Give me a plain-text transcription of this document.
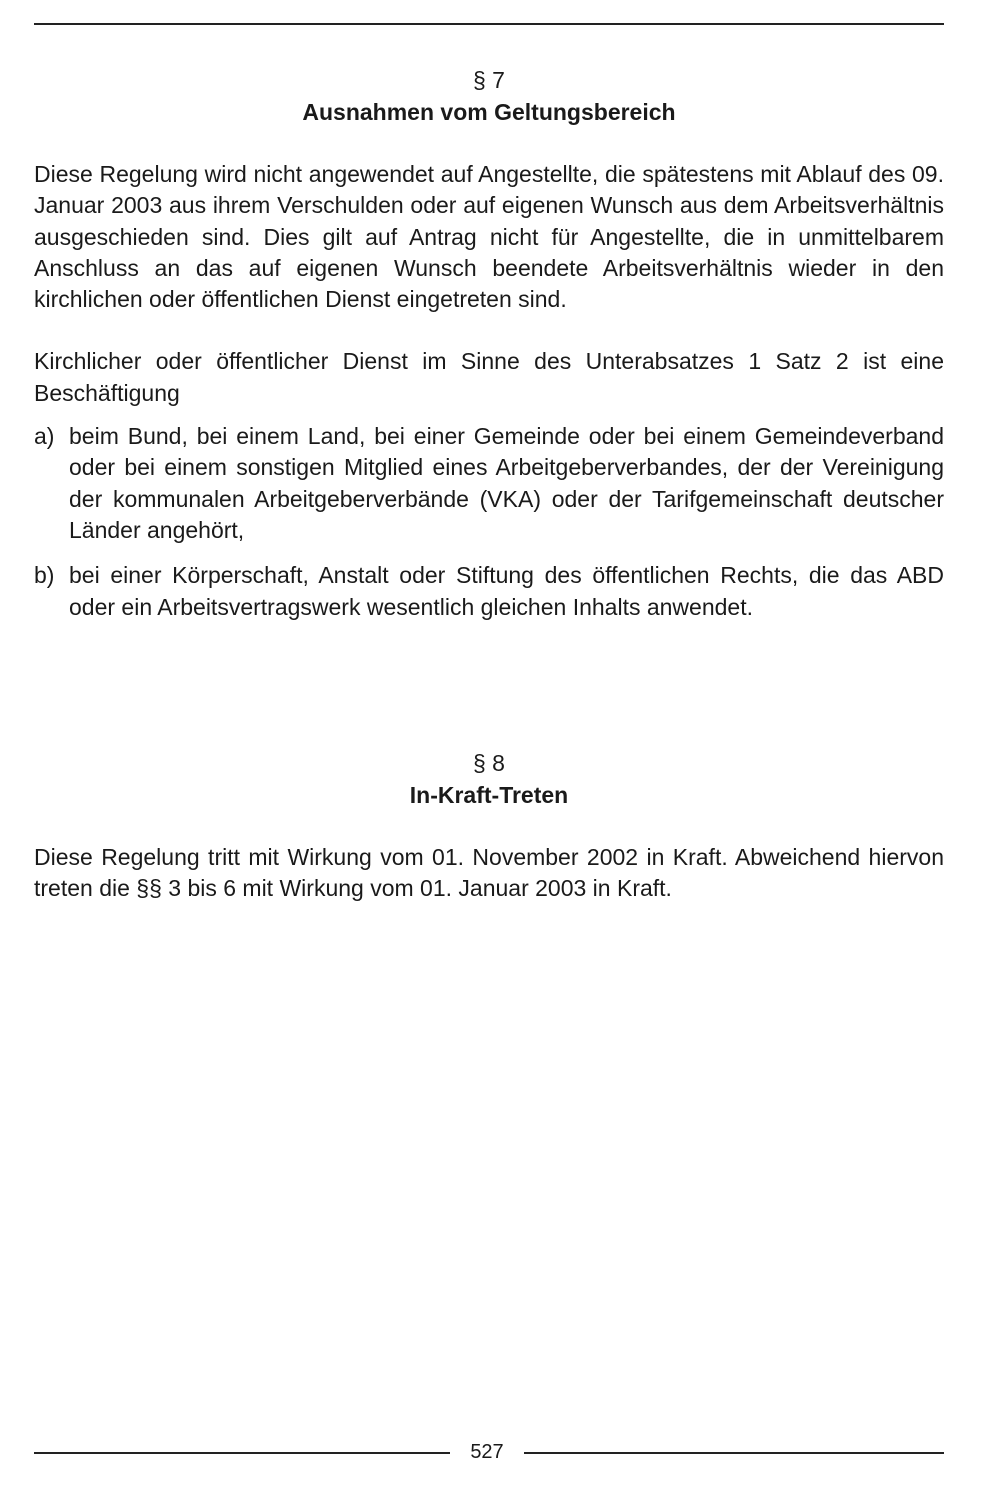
§ 7
Ausnahmen vom Geltungsbereich

Diese Regelung wird nicht angewendet auf Angestellte, die spätestens mit Ablauf des 09. Januar 2003 aus ihrem Verschulden oder auf eigenen Wunsch aus dem Arbeitsverhältnis ausgeschieden sind. Dies gilt auf Antrag nicht für Angestellte, die in unmittelbarem Anschluss an das auf eigenen Wunsch beendete Arbeitsverhältnis wieder in den kirchlichen oder öffentlichen Dienst eingetreten sind.

Kirchlicher oder öffentlicher Dienst im Sinne des Unterabsatzes 1 Satz 2 ist eine Beschäftigung

a) beim Bund, bei einem Land, bei einer Gemeinde oder bei einem Gemeindeverband oder bei einem sonstigen Mitglied eines Arbeitgeberverbandes, der der Vereinigung der kommunalen Arbeitgeberverbände (VKA) oder der Tarifgemeinschaft deutscher Länder angehört,
b) bei einer Körperschaft, Anstalt oder Stiftung des öffentlichen Rechts, die das ABD oder ein Arbeitsvertragswerk wesentlich gleichen Inhalts anwendet.
§ 8
In-Kraft-Treten

Diese Regelung tritt mit Wirkung vom 01. November 2002 in Kraft. Abweichend hiervon treten die §§ 3 bis 6 mit Wirkung vom 01. Januar 2003 in Kraft.

527
